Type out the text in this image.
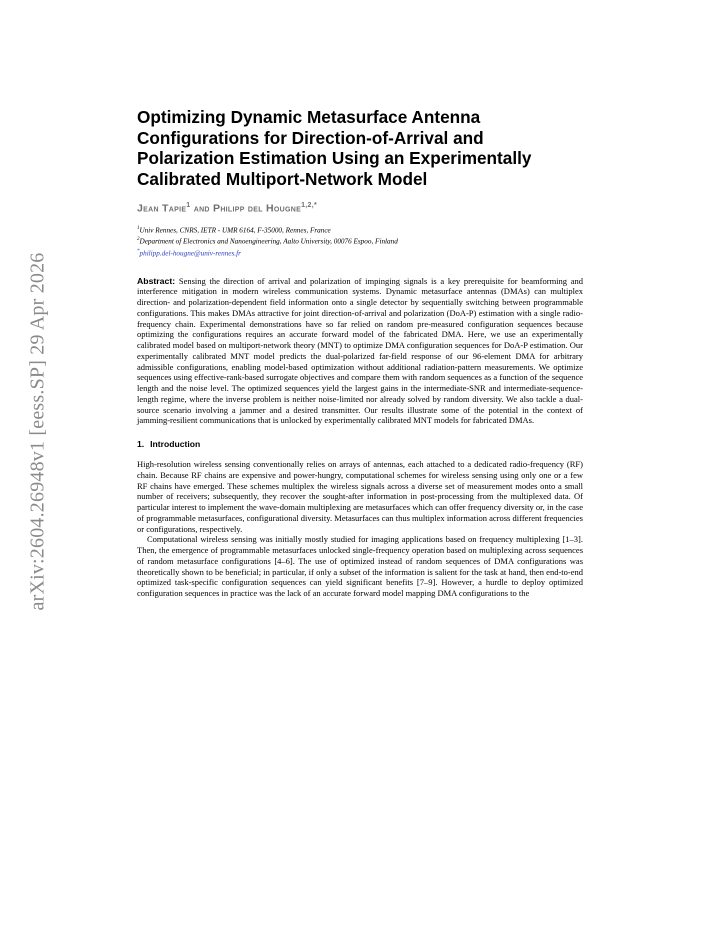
arXiv:2604.26948v1 [eess.SP] 29 Apr 2026
Optimizing Dynamic Metasurface Antenna Configurations for Direction-of-Arrival and Polarization Estimation Using an Experimentally Calibrated Multiport-Network Model
Jean Tapie$^1$ and Philipp del Hougne$^{1,2,*}$
$^1$Univ Rennes, CNRS, IETR - UMR 6164, F-35000, Rennes, France
$^2$Department of Electronics and Nanoengineering, Aalto University, 00076 Espoo, Finland
*philipp.del-hougne@univ-rennes.fr
Abstract: Sensing the direction of arrival and polarization of impinging signals is a key prerequisite for beamforming and interference mitigation in modern wireless communication systems. Dynamic metasurface antennas (DMAs) can multiplex direction- and polarization-dependent field information onto a single detector by sequentially switching between programmable configurations. This makes DMAs attractive for joint direction-of-arrival and polarization (DoA-P) estimation with a single radio-frequency chain. Experimental demonstrations have so far relied on random pre-measured configuration sequences because optimizing the configurations requires an accurate forward model of the fabricated DMA. Here, we use an experimentally calibrated model based on multiport-network theory (MNT) to optimize DMA configuration sequences for DoA-P estimation. Our experimentally calibrated MNT model predicts the dual-polarized far-field response of our 96-element DMA for arbitrary admissible configurations, enabling model-based optimization without additional radiation-pattern measurements. We optimize sequences using effective-rank-based surrogate objectives and compare them with random sequences as a function of the sequence length and the noise level. The optimized sequences yield the largest gains in the intermediate-SNR and intermediate-sequence-length regime, where the inverse problem is neither noise-limited nor already solved by random diversity. We also tackle a dual-source scenario involving a jammer and a desired transmitter. Our results illustrate some of the potential in the context of jamming-resilient communications that is unlocked by experimentally calibrated MNT models for fabricated DMAs.
1. Introduction

High-resolution wireless sensing conventionally relies on arrays of antennas, each attached to a dedicated radio-frequency (RF) chain. Because RF chains are expensive and power-hungry, computational schemes for wireless sensing using only one or a few RF chains have emerged. These schemes multiplex the wireless signals across a diverse set of measurement modes onto a small number of receivers; subsequently, they recover the sought-after information in post-processing from the multiplexed data. Of particular interest to implement the wave-domain multiplexing are metasurfaces which can offer frequency diversity or, in the case of programmable metasurfaces, configurational diversity. Metasurfaces can thus multiplex information across different frequencies or configurations, respectively.

Computational wireless sensing was initially mostly studied for imaging applications based on frequency multiplexing [1–3]. Then, the emergence of programmable metasurfaces unlocked single-frequency operation based on multiplexing across sequences of random metasurface configurations [4–6]. The use of optimized instead of random sequences of DMA configurations was theoretically shown to be beneficial; in particular, if only a subset of the information is salient for the task at hand, then end-to-end optimized task-specific configuration sequences can yield significant benefits [7–9]. However, a hurdle to deploy optimized configuration sequences in practice was the lack of an accurate forward model mapping DMA configurations to the
